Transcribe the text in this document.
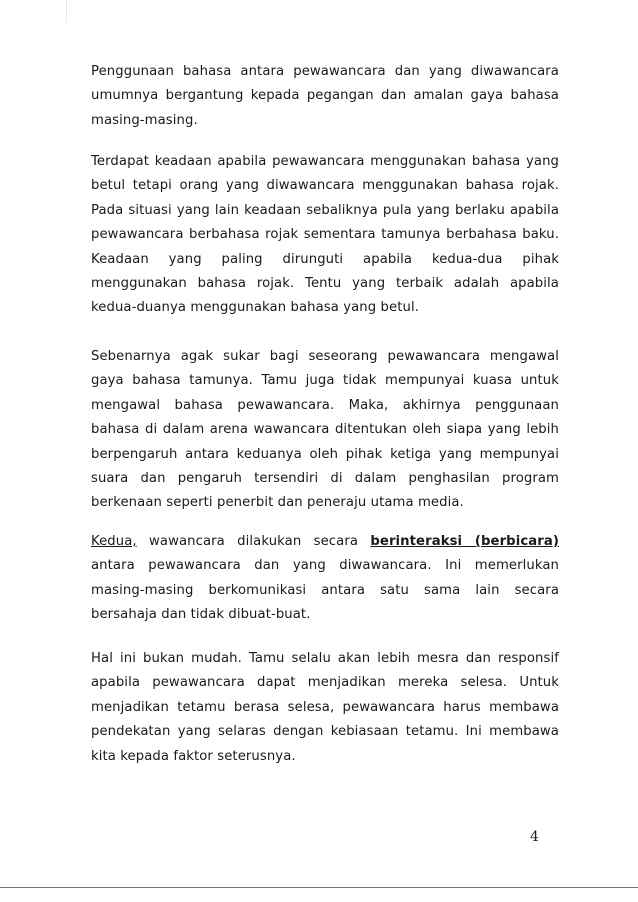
Penggunaan bahasa antara pewawancara dan yang diwawancara umumnya bergantung kepada pegangan dan amalan gaya bahasa masing-masing.

Terdapat keadaan apabila pewawancara menggunakan bahasa yang betul tetapi orang yang diwawancara menggunakan bahasa rojak. Pada situasi yang lain keadaan sebaliknya pula yang berlaku apabila pewawancara berbahasa rojak sementara tamunya berbahasa baku. Keadaan yang paling dirunguti apabila kedua-dua pihak menggunakan bahasa rojak. Tentu yang terbaik adalah apabila kedua-duanya menggunakan bahasa yang betul.

Sebenarnya agak sukar bagi seseorang pewawancara mengawal gaya bahasa tamunya. Tamu juga tidak mempunyai kuasa untuk mengawal bahasa pewawancara. Maka, akhirnya penggunaan bahasa di dalam arena wawancara ditentukan oleh siapa yang lebih berpengaruh antara keduanya oleh pihak ketiga yang mempunyai suara dan pengaruh tersendiri di dalam penghasilan program berkenaan seperti penerbit dan peneraju utama media.

Kedua, wawancara dilakukan secara berinteraksi (berbicara) antara pewawancara dan yang diwawancara. Ini memerlukan masing-masing berkomunikasi antara satu sama lain secara bersahaja dan tidak dibuat-buat.

Hal ini bukan mudah. Tamu selalu akan lebih mesra dan responsif apabila pewawancara dapat menjadikan mereka selesa. Untuk menjadikan tetamu berasa selesa, pewawancara harus membawa pendekatan yang selaras dengan kebiasaan tetamu. Ini membawa kita kepada faktor seterusnya.

4
